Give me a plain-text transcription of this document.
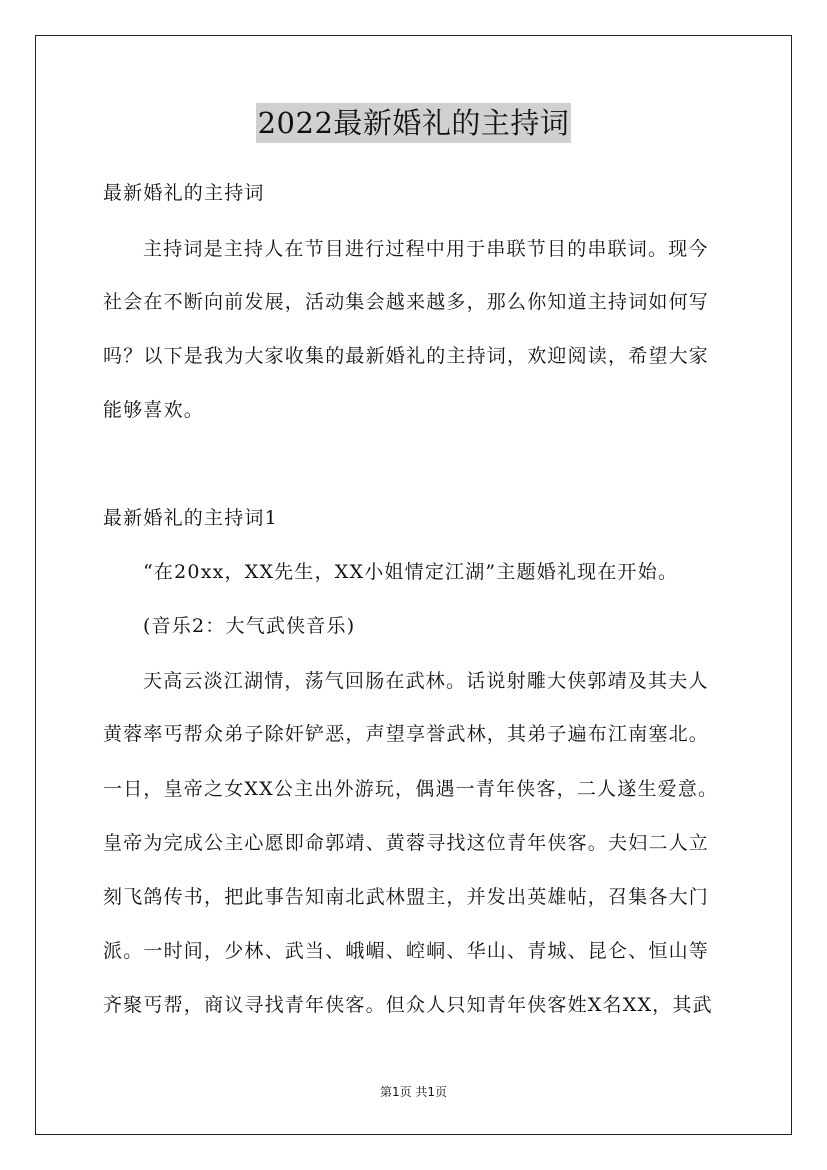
2022最新婚礼的主持词
最新婚礼的主持词
主持词是主持人在节目进行过程中用于串联节目的串联词。现今
社会在不断向前发展，活动集会越来越多，那么你知道主持词如何写
吗？以下是我为大家收集的最新婚礼的主持词，欢迎阅读，希望大家
能够喜欢。
最新婚礼的主持词1
“在20xx，XX先生，XX小姐情定江湖”主题婚礼现在开始。
(音乐2：大气武侠音乐)
天高云淡江湖情，荡气回肠在武林。话说射雕大侠郭靖及其夫人
黄蓉率丐帮众弟子除奸铲恶，声望享誉武林，其弟子遍布江南塞北。
一日，皇帝之女XX公主出外游玩，偶遇一青年侠客，二人遂生爱意。
皇帝为完成公主心愿即命郭靖、黄蓉寻找这位青年侠客。夫妇二人立
刻飞鸽传书，把此事告知南北武林盟主，并发出英雄帖，召集各大门
派。一时间，少林、武当、峨嵋、崆峒、华山、青城、昆仑、恒山等
齐聚丐帮，商议寻找青年侠客。但众人只知青年侠客姓X名XX，其武
第1页 共1页
